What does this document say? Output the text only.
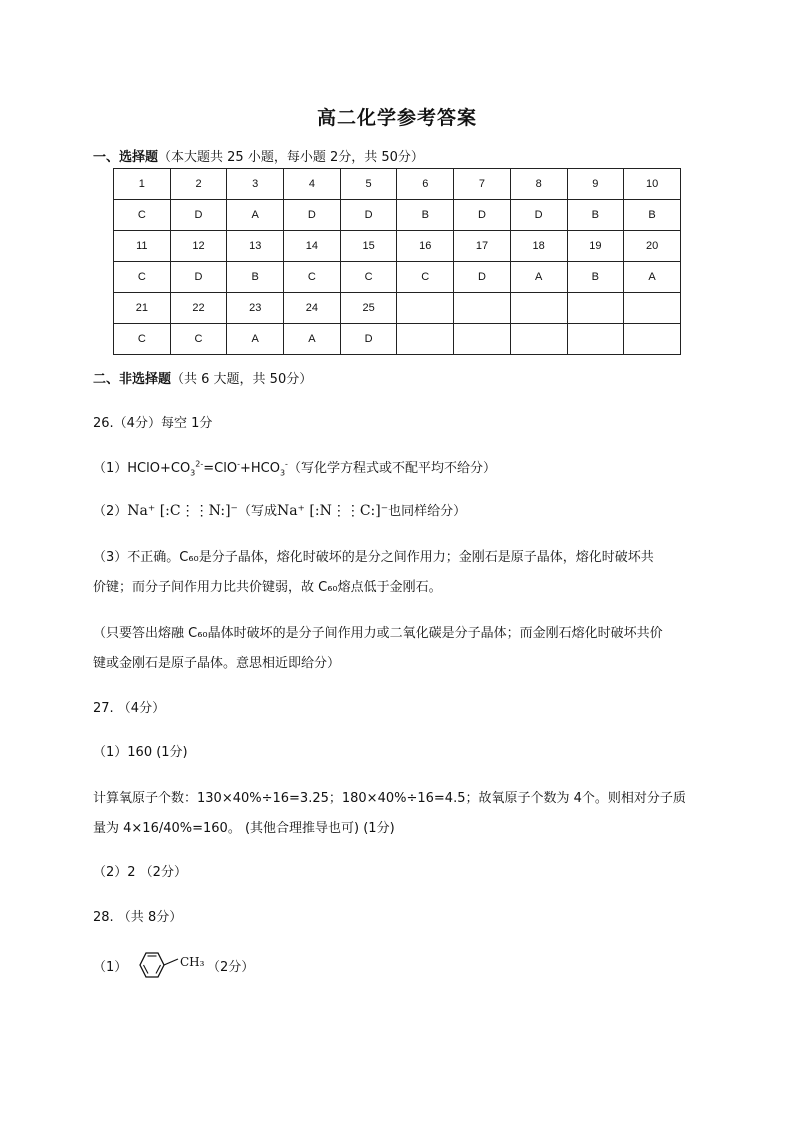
高二化学参考答案
一、选择题（本大题共 25 小题，每小题 2分，共 50分）
1	2	3	4	5	6	7	8	9	10
C	D	A	D	D	B	D	D	B	B
11	12	13	14	15	16	17	18	19	20
C	D	B	C	C	C	D	A	B	A
21	22	23	24	25					
C	C	A	A	D					
二、非选择题（共 6 大题，共 50分）
26.（4分）每空 1分
$(1)HClO+CO_3^{2-}=ClO^-+HCO_3^-$（写化学方程式或不配平均不给分）
（2）Na⁺ [:C⋮⋮N:]⁻（写成Na⁺ [:N⋮⋮C:]⁻也同样给分）
（3）不正确。C₆₀是分子晶体，熔化时破坏的是分之间作用力；金刚石是原子晶体，熔化时破坏共
价键；而分子间作用力比共价键弱，故 C₆₀熔点低于金刚石。
（只要答出熔融 C₆₀晶体时破坏的是分子间作用力或二氧化碳是分子晶体；而金刚石熔化时破坏共价
键或金刚石是原子晶体。意思相近即给分）
27. （4分）
（1）160 (1分)
计算氧原子个数：130×40%÷16=3.25；180×40%÷16=4.5；故氧原子个数为 4个。则相对分子质
量为 4×16/40%=160。 (其他合理推导也可) (1分)
（2）2 （2分）
28. （共 8分）
（1）	CH₃ （2分）
